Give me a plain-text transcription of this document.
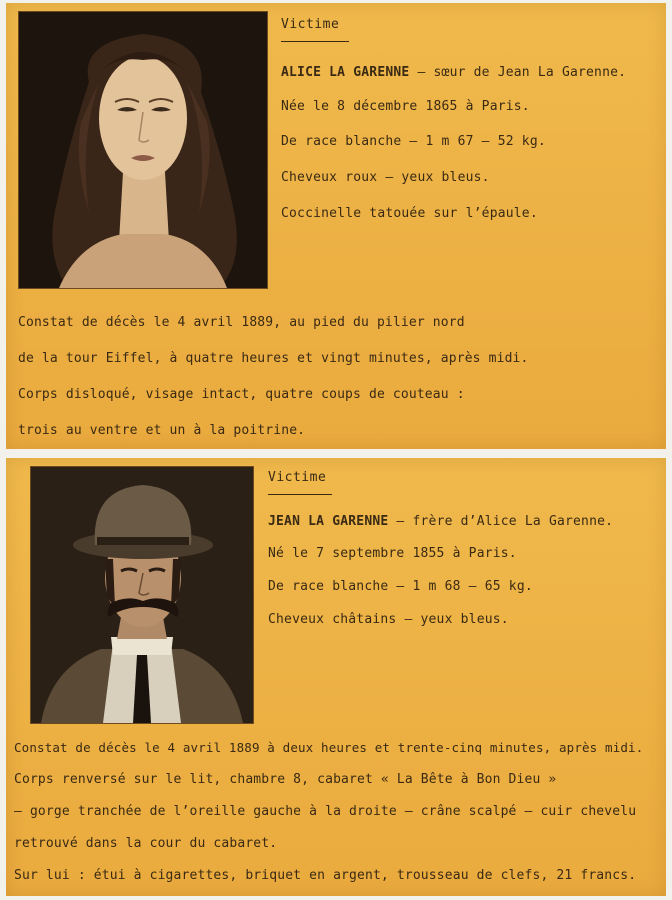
Victime
ALICE LA GARENNE – sœur de Jean La Garenne.
Née le 8 décembre 1865 à Paris.
De race blanche – 1 m 67 – 52 kg.
Cheveux roux – yeux bleus.
Coccinelle tatouée sur l’épaule.
Constat de décès le 4 avril 1889, au pied du pilier nord
de la tour Eiffel, à quatre heures et vingt minutes, après midi.
Corps disloqué, visage intact, quatre coups de couteau :
trois au ventre et un à la poitrine.
Victime
JEAN LA GARENNE – frère d’Alice La Garenne.
Né le 7 septembre 1855 à Paris.
De race blanche – 1 m 68 – 65 kg.
Cheveux châtains – yeux bleus.
Constat de décès le 4 avril 1889 à deux heures et trente-cinq minutes, après midi.
Corps renversé sur le lit, chambre 8, cabaret « La Bête à Bon Dieu »
– gorge tranchée de l’oreille gauche à la droite – crâne scalpé – cuir chevelu
retrouvé dans la cour du cabaret.
Sur lui : étui à cigarettes, briquet en argent, trousseau de clefs, 21 francs.
